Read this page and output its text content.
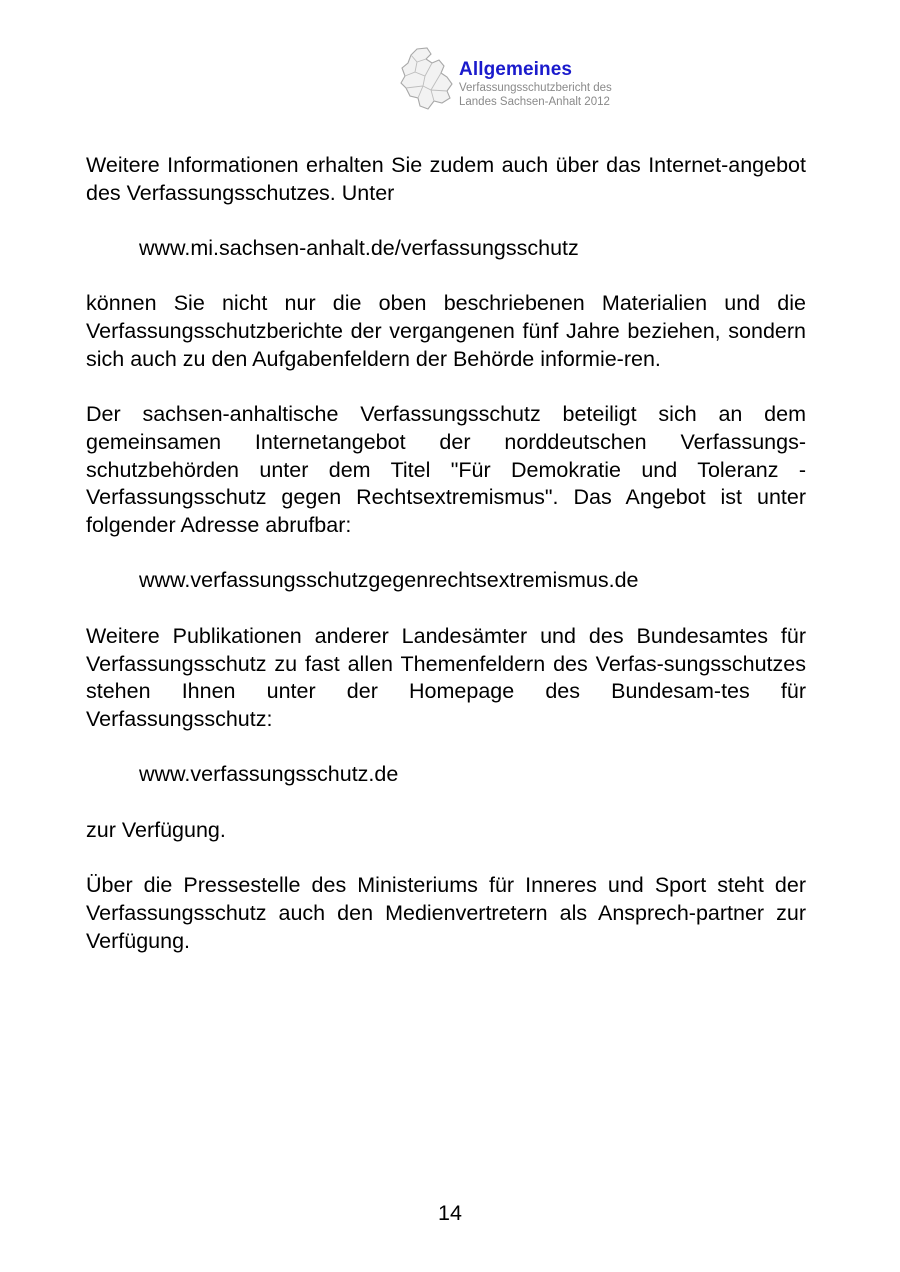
Allgemeines
Verfassungsschutzbericht des
Landes Sachsen-Anhalt 2012

Weitere Informationen erhalten Sie zudem auch über das Internet-angebot des Verfassungsschutzes. Unter

www.mi.sachsen-anhalt.de/verfassungsschutz

können Sie nicht nur die oben beschriebenen Materialien und die Verfassungsschutzberichte der vergangenen fünf Jahre beziehen, sondern sich auch zu den Aufgabenfeldern der Behörde informie-ren.

Der sachsen-anhaltische Verfassungsschutz beteiligt sich an dem gemeinsamen Internetangebot der norddeutschen Verfassungs-schutzbehörden unter dem Titel "Für Demokratie und Toleranz - Verfassungsschutz gegen Rechtsextremismus". Das Angebot ist unter folgender Adresse abrufbar:

www.verfassungsschutzgegenrechtsextremismus.de

Weitere Publikationen anderer Landesämter und des Bundesamtes für Verfassungsschutz zu fast allen Themenfeldern des Verfas-sungsschutzes stehen Ihnen unter der Homepage des Bundesam-tes für Verfassungsschutz:

www.verfassungsschutz.de

zur Verfügung.

Über die Pressestelle des Ministeriums für Inneres und Sport steht der Verfassungsschutz auch den Medienvertretern als Ansprech-partner zur Verfügung.

14
